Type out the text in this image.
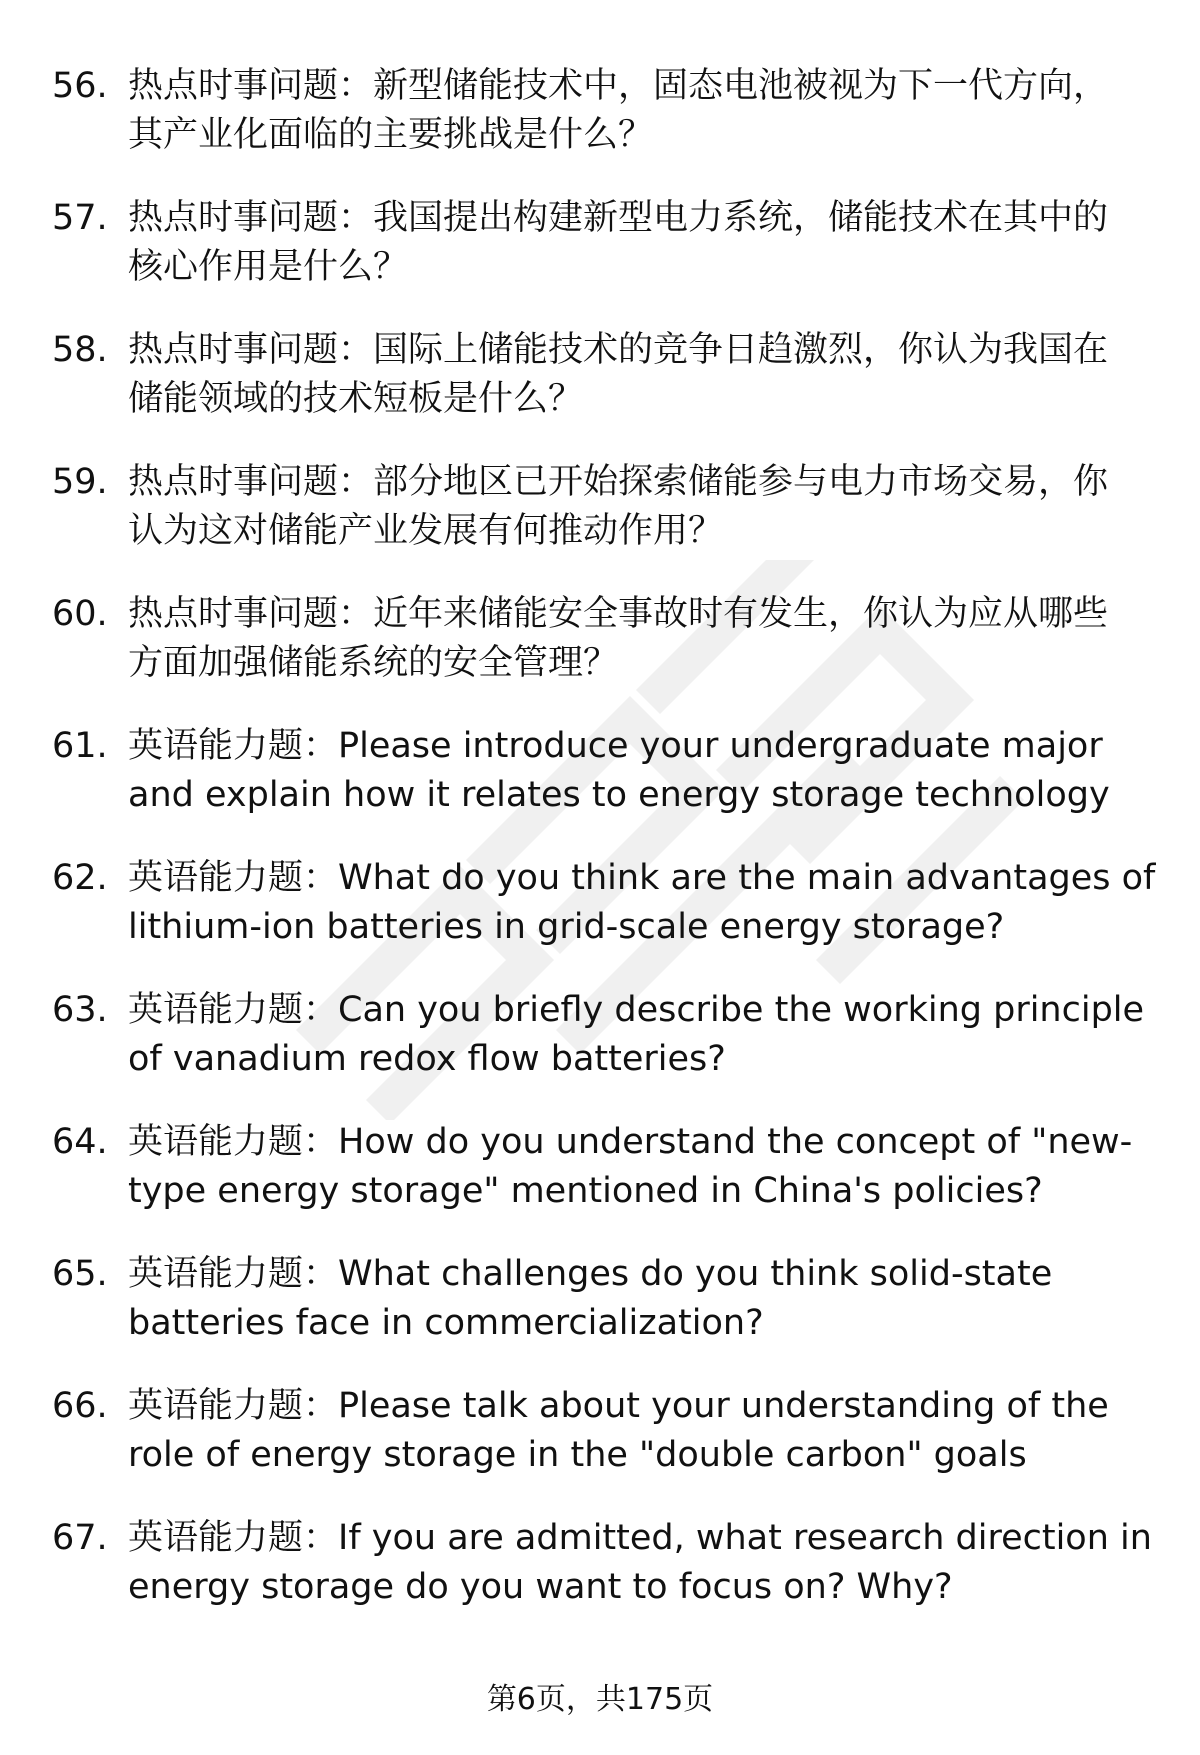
56. 热点时事问题：新型储能技术中，固态电池被视为下一代方向，
其产业化面临的主要挑战是什么？
57. 热点时事问题：我国提出构建新型电力系统，储能技术在其中的
核心作用是什么？
58. 热点时事问题：国际上储能技术的竞争日趋激烈，你认为我国在
储能领域的技术短板是什么？
59. 热点时事问题：部分地区已开始探索储能参与电力市场交易，你
认为这对储能产业发展有何推动作用？
60. 热点时事问题：近年来储能安全事故时有发生，你认为应从哪些
方面加强储能系统的安全管理？
61. 英语能力题：Please introduce your undergraduate major
and explain how it relates to energy storage technology
62. 英语能力题：What do you think are the main advantages of
lithium-ion batteries in grid-scale energy storage?
63. 英语能力题：Can you briefly describe the working principle
of vanadium redox flow batteries?
64. 英语能力题：How do you understand the concept of "new-
type energy storage" mentioned in China's policies?
65. 英语能力题：What challenges do you think solid-state
batteries face in commercialization?
66. 英语能力题：Please talk about your understanding of the
role of energy storage in the "double carbon" goals
67. 英语能力题：If you are admitted, what research direction in
energy storage do you want to focus on? Why?
第6页，共175页
